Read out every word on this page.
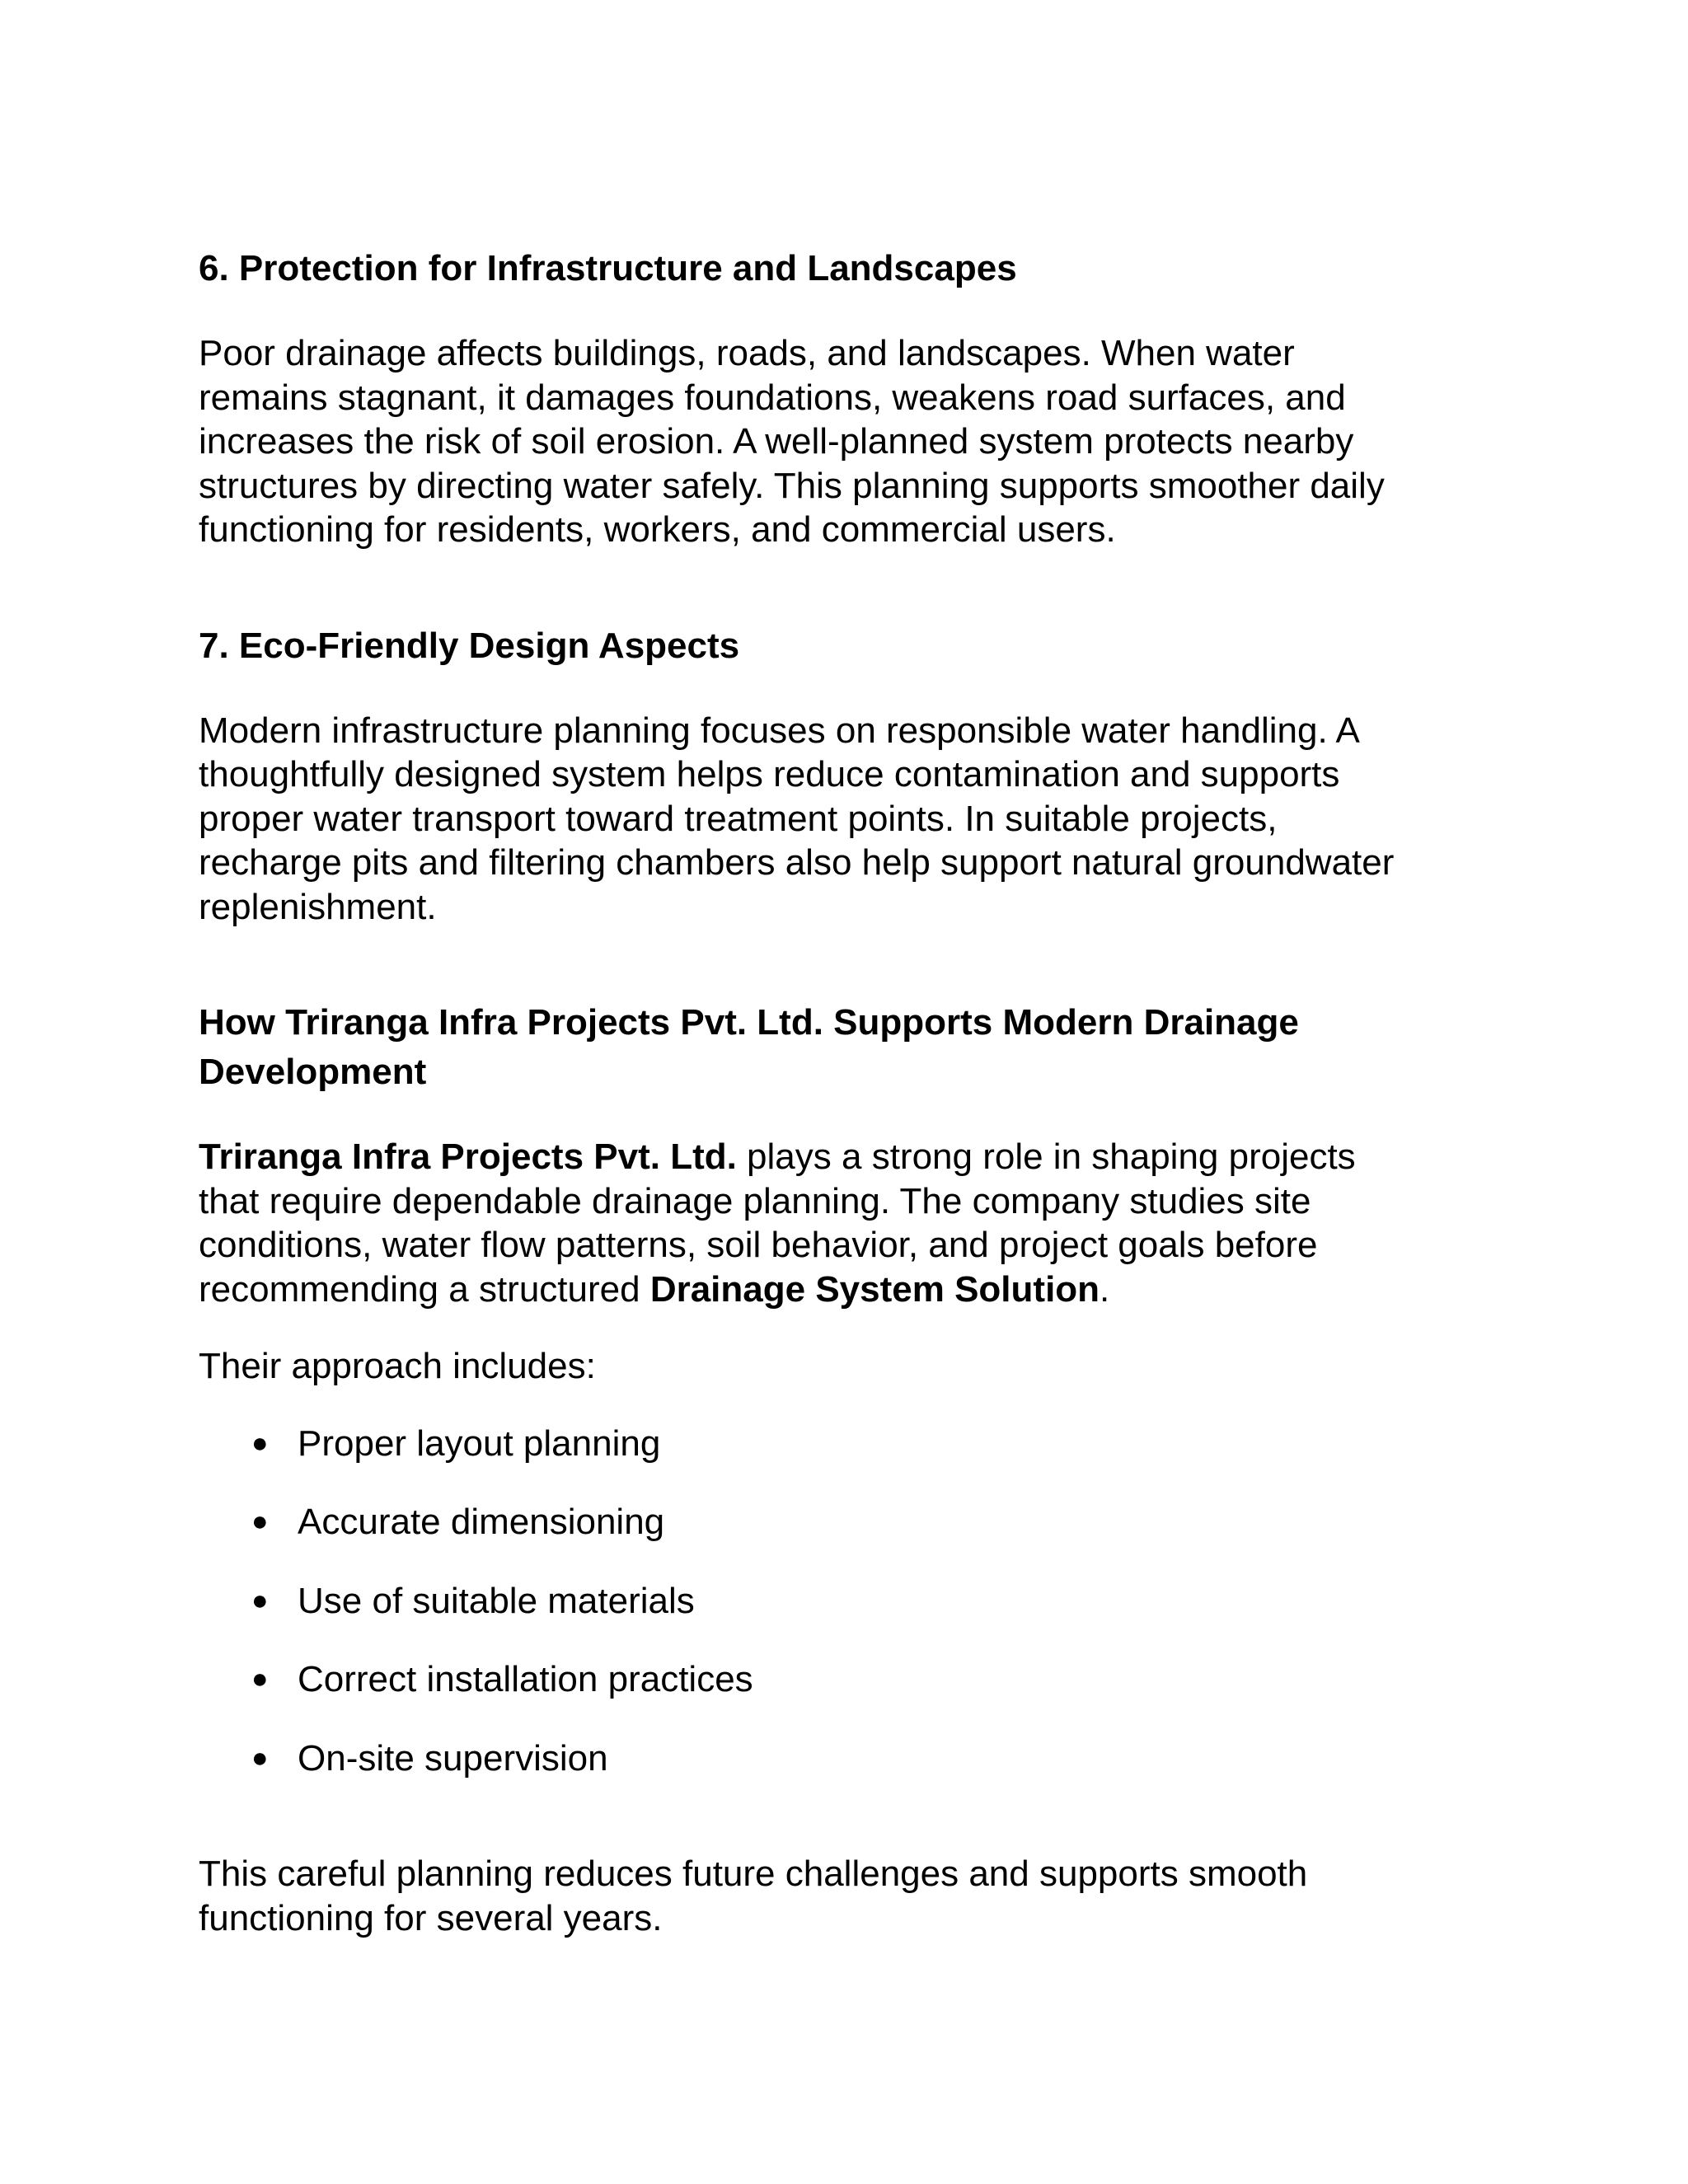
6. Protection for Infrastructure and Landscapes

Poor drainage affects buildings, roads, and landscapes. When water
remains stagnant, it damages foundations, weakens road surfaces, and
increases the risk of soil erosion. A well-planned system protects nearby
structures by directing water safely. This planning supports smoother daily
functioning for residents, workers, and commercial users.

7. Eco-Friendly Design Aspects

Modern infrastructure planning focuses on responsible water handling. A
thoughtfully designed system helps reduce contamination and supports
proper water transport toward treatment points. In suitable projects,
recharge pits and filtering chambers also help support natural groundwater
replenishment.

How Triranga Infra Projects Pvt. Ltd. Supports Modern Drainage
Development

Triranga Infra Projects Pvt. Ltd. plays a strong role in shaping projects
that require dependable drainage planning. The company studies site
conditions, water flow patterns, soil behavior, and project goals before
recommending a structured Drainage System Solution.

Their approach includes:

● Proper layout planning
● Accurate dimensioning
● Use of suitable materials
● Correct installation practices
● On-site supervision

This careful planning reduces future challenges and supports smooth
functioning for several years.
